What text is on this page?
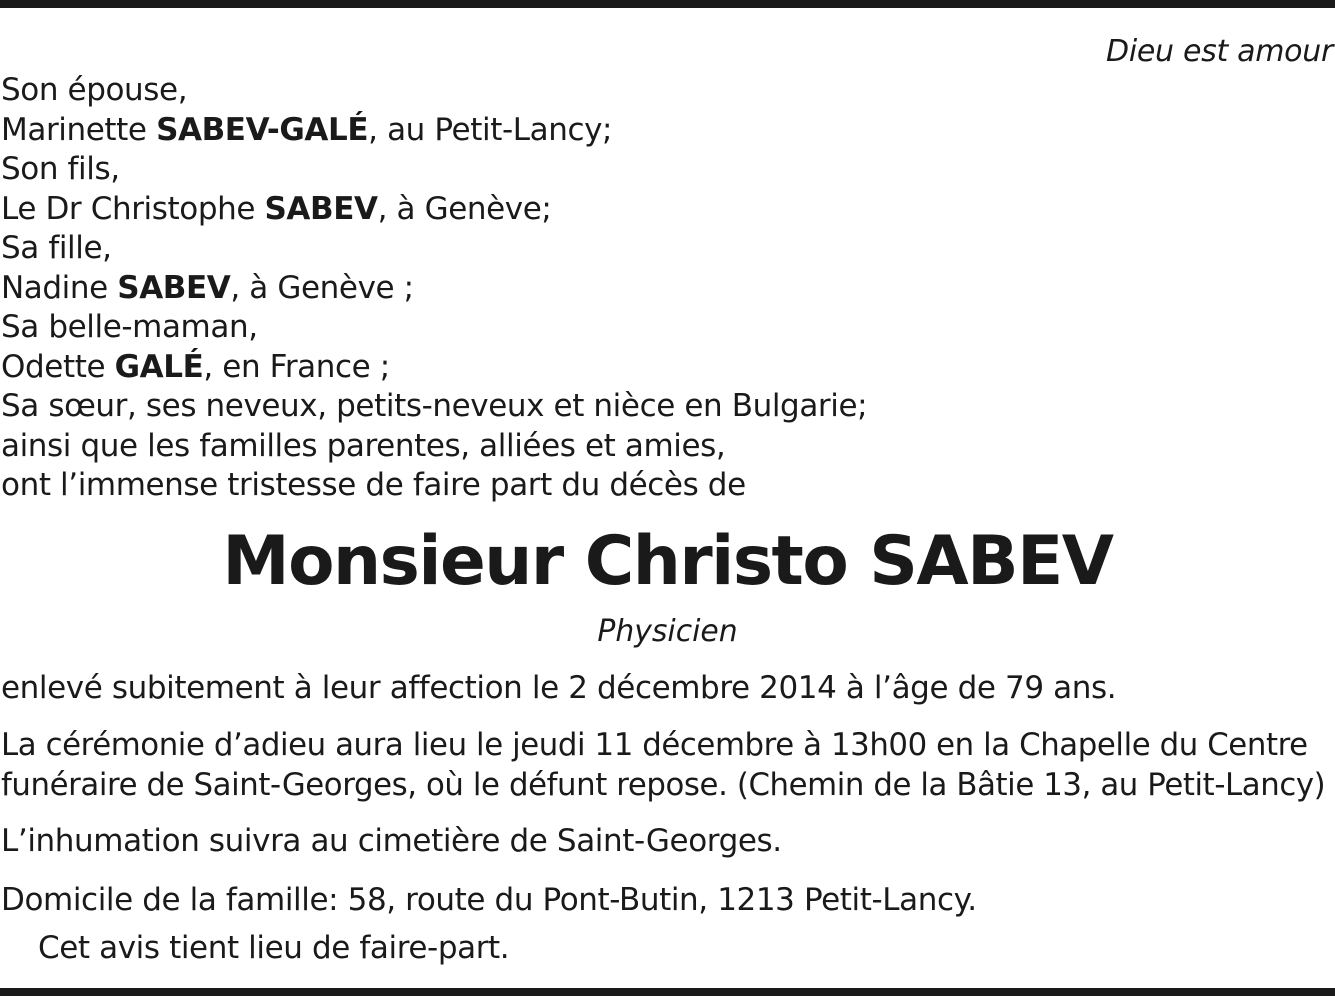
Dieu est amour
Son épouse,
Marinette SABEV-GALÉ, au Petit-Lancy;
Son fils,
Le Dr Christophe SABEV, à Genève;
Sa fille,
Nadine SABEV, à Genève ;
Sa belle-maman,
Odette GALÉ, en France ;
Sa sœur, ses neveux, petits-neveux et nièce en Bulgarie;
ainsi que les familles parentes, alliées et amies,
ont l’immense tristesse de faire part du décès de
Monsieur Christo SABEV
Physicien
enlevé subitement à leur affection le 2 décembre 2014 à l’âge de 79 ans.
La cérémonie d’adieu aura lieu le jeudi 11 décembre à 13h00 en la Chapelle du Centre
funéraire de Saint-Georges, où le défunt repose. (Chemin de la Bâtie 13, au Petit-Lancy)
L’inhumation suivra au cimetière de Saint-Georges.
Domicile de la famille: 58, route du Pont-Butin, 1213 Petit-Lancy.
Cet avis tient lieu de faire-part.
